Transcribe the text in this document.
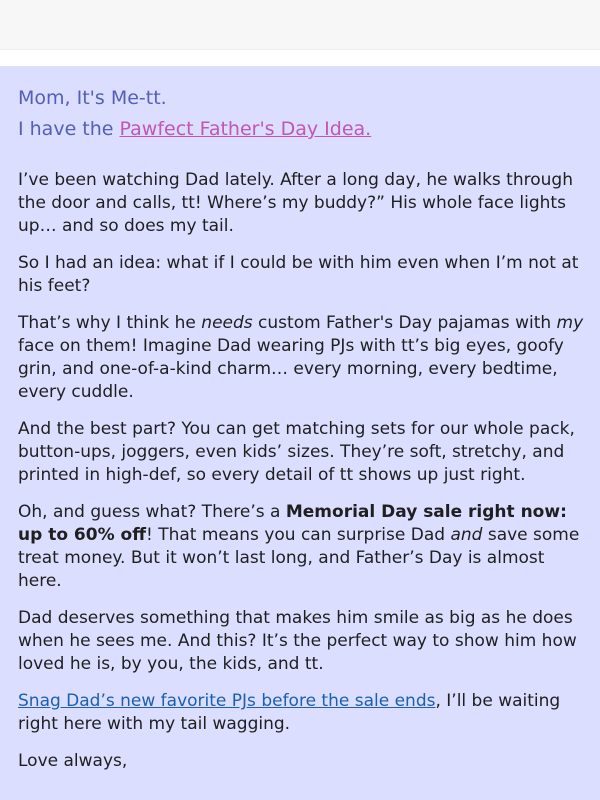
Mom, It's Me-tt.

I have the Pawfect Father's Day Idea.

I’ve been watching Dad lately. After a long day, he walks through the door and calls, tt! Where’s my buddy?” His whole face lights up… and so does my tail.

So I had an idea: what if I could be with him even when I’m not at his feet?

That’s why I think he needs custom Father's Day pajamas with my face on them! Imagine Dad wearing PJs with tt’s big eyes, goofy grin, and one-of-a-kind charm… every morning, every bedtime, every cuddle.

And the best part? You can get matching sets for our whole pack, button-ups, joggers, even kids’ sizes. They’re soft, stretchy, and printed in high-def, so every detail of tt shows up just right.

Oh, and guess what? There’s a Memorial Day sale right now: up to 60% off! That means you can surprise Dad and save some treat money. But it won’t last long, and Father’s Day is almost here.

Dad deserves something that makes him smile as big as he does when he sees me. And this? It’s the perfect way to show him how loved he is, by you, the kids, and tt.

Snag Dad’s new favorite PJs before the sale ends, I’ll be waiting right here with my tail wagging.

Love always,
